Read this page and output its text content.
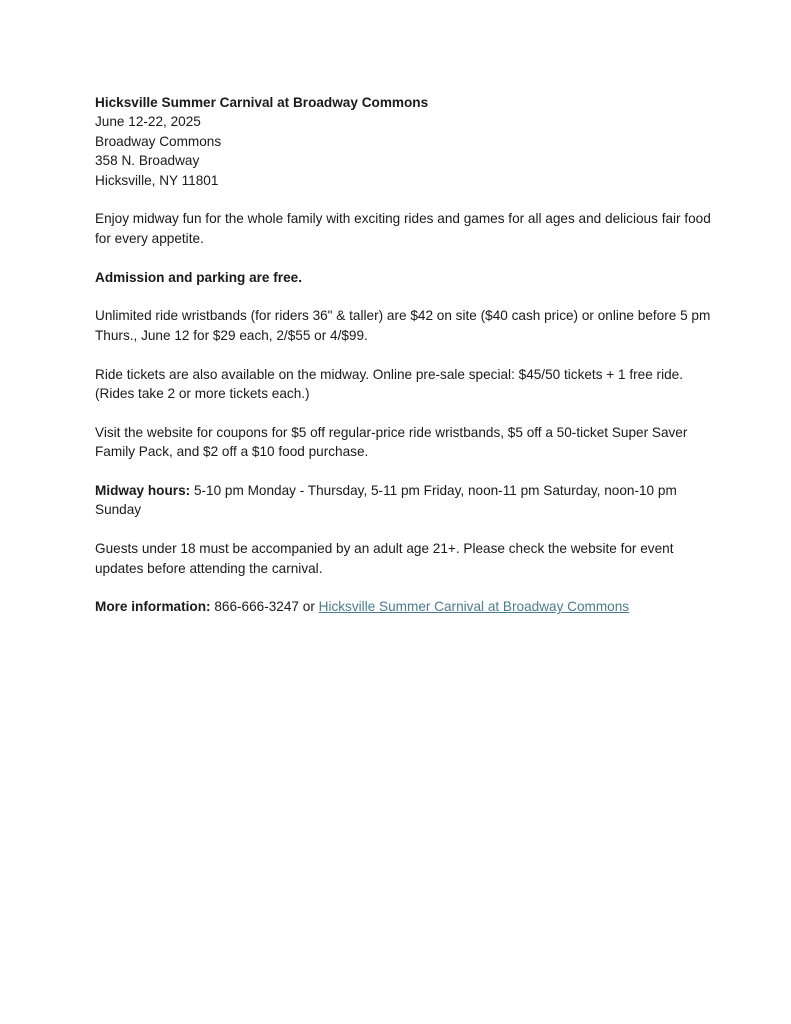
Hicksville Summer Carnival at Broadway Commons
June 12-22, 2025
Broadway Commons
358 N. Broadway
Hicksville, NY 11801

Enjoy midway fun for the whole family with exciting rides and games for all ages and delicious fair food for every appetite.

Admission and parking are free.

Unlimited ride wristbands (for riders 36" & taller) are $42 on site ($40 cash price) or online before 5 pm Thurs., June 12 for $29 each, 2/$55 or 4/$99.

Ride tickets are also available on the midway. Online pre-sale special: $45/50 tickets + 1 free ride. (Rides take 2 or more tickets each.)

Visit the website for coupons for $5 off regular-price ride wristbands, $5 off a 50-ticket Super Saver Family Pack, and $2 off a $10 food purchase.

Midway hours: 5-10 pm Monday - Thursday, 5-11 pm Friday, noon-11 pm Saturday, noon-10 pm Sunday

Guests under 18 must be accompanied by an adult age 21+. Please check the website for event updates before attending the carnival.

More information: 866-666-3247 or Hicksville Summer Carnival at Broadway Commons
